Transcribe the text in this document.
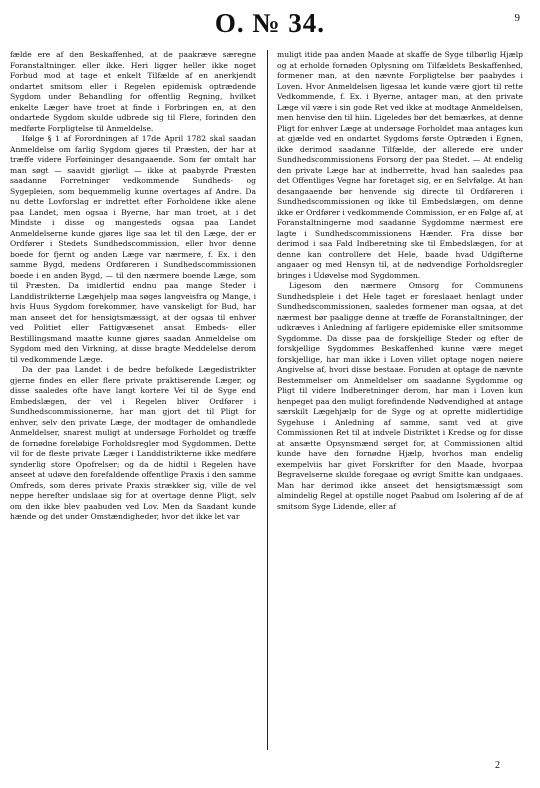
O. № 34.	9

fælde ere af den Beskaffenhed, at de paakræve særegne Foranstaltninger. eller ikke. Heri ligger heller ikke noget Forbud mod at tage et enkelt Tilfælde af en anerkjendt ondartet smitsom eller i Regelen epidemisk optrædende Sygdom under Behandling for offentlig Regning, hvilket enkelte Læger have troet at finde i Forbringen en, at den ondartede Sygdom skulde udbrede sig til Flere, forinden den medførte Forpligtelse til Anmeldelse.

Ifølge § 1 af Forordningen af 17de April 1782 skal saadan Anmeldelse om farlig Sygdom gjøres til Præsten, der har at træffe videre Forføininger desangaaende. Som før omtalt har man søgt — saavidt gjørligt — ikke at paabyrde Præsten saadanne Forretninger vedkommende Sundheds- og Sygepleien, som bequemmelig kunne overtages af Andre. Da nu dette Lovforslag er indrettet efter Forholdene ikke alene paa Landet, men ogsaa i Byerne, har man troet, at i det Mindste i disse og mangesteds ogsaa paa Landet Anmeldelserne kunde gjøres lige saa let til den Læge, der er Ordfører i Stedets Sundhedscommission, eller hvor denne boede for fjernt og anden Læge var nærmere, f. Ex. i den samme Bygd, medens Ordføreren i Sundhedscommissionen boede i en anden Bygd, — til den nærmere boende Læge, som til Præsten. Da imidlertid endnu paa mange Steder i Landdistrikterne Lægehjelp maa søges langveisfra og Mange, i hvis Huus Sygdom forekommer, have vanskeligt for Bud, har man anseet det for hensigtsmæssigt, at der ogsaa til enhver ved Politiet eller Fattigvæsenet ansat Embeds- eller Bestillingsmand maatte kunne gjøres saadan Anmeldelse om Sygdom med den Virkning, at disse bragte Meddelelse derom til vedkommende Læge.

Da der paa Landet i de bedre befolkede Lægedistrikter gjerne findes en eller flere private praktiserende Læger, og disse saaledes ofte have langt kortere Vei til de Syge end Embedslægen, der vel i Regelen bliver Ordfører i Sundhedscommissionerne, har man gjort det til Pligt for enhver, selv den private Læge, der modtager de omhandlede Anmeldelser, snarest muligt at undersøge Forholdet og træffe de fornødne foreløbige Forholdsregler mod Sygdommen. Dette vil for de fleste private Læger i Landdistrikterne ikke medføre synderlig store Opofrelser; og da de hidtil i Regelen have anseet at udøve den forefaldende offentlige Praxis i den samme Omfreds, som deres private Praxis strækker sig, ville de vel neppe herefter undslaae sig for at overtage denne Pligt, selv om den ikke blev paabuden ved Lov. Men da Saadant kunde hænde og det under Omstændigheder, hvor det ikke let var

muligt itide paa anden Maade at skaffe de Syge tilbørlig Hjælp og at erholde fornøden Oplysning om Tilfældets Beskaffenhed, formener man, at den nævnte Forpligtelse bør paabydes i Loven. Hvor Anmeldelsen ligesaa let kunde være gjort til rette Vedkommende, f. Ex. i Byerne, antager man, at den private Læge vil være i sin gode Ret ved ikke at modtage Anmeldelsen, men henvise den til hiin. Ligeledes bør det bemærkes, at denne Pligt for enhver Læge at undersøge Forholdet maa antages kun at gjælde ved en ondartet Sygdoms første Optræden i Egnen, ikke derimod saadanne Tilfælde, der allerede ere under Sundhedscommissionens Forsorg der paa Stedet. — At endelig den private Læge har at indberrette, hvad han saaledes paa det Offentliges Vegne har foretaget sig, er en Selvfølge. At han desangaaende bør henvende sig directe til Ordføreren i Sundhedscommissionen og ikke til Embedslægen, om denne ikke er Ordfører i vedkommende Commission, er en Følge af, at Foranstaltningerne mod saadanne Sygdomme nærmest ere lagte i Sundhedscommissionens Hænder. Fra disse bør derimod i saa Fald Indberetning ske til Embedslægen, for at denne kan controllere det Hele, baade hvad Udgifterne angaaer og med Hensyn til, at de nødvendige Forholdsregler bringes i Udøvelse mod Sygdommen.

Ligesom den nærmere Omsorg for Communens Sundhedspleie i det Hele taget er foreslaaet henlagt under Sundhedscommissionen, saaledes formener man ogsaa, at det nærmest bør paaligge denne at træffe de Foranstaltninger, der udkræves i Anledning af farligere epidemiske eller smitsomme Sygdomme. Da disse paa de forskjellige Steder og efter de forskjellige Sygdommes Beskaffenhed kunne være meget forskjellige, har man ikke i Loven villet optage nogen nøiere Angivelse af, hvori disse bestaae. Foruden at optage de nævnte Bestemmelser om Anmeldelser om saadanne Sygdomme og Pligt til videre Indberetninger derom, har man i Loven kun henpeget paa den muligt forefindende Nødvendighed at antage særskilt Lægehjælp for de Syge og at oprette midlertidige Sygehuse i Anledning af samme, samt ved at give Commissionen Ret til at indvele Distriktet i Kredse og for disse at ansætte Opsynsmænd sørget for, at Commissionen altid kunde have den fornødne Hjælp, hvorhos man endelig exempelviis har givet Forskrifter for den Maade, hvorpaa Begravelserne skulde foregaae og øvrigt Smitte kan undgaaes. Man har derimod ikke anseet det hensigtsmæssigt som almindelig Regel at opstille noget Paabud om Isolering af de af smitsom Syge Lidende, eller af

2
